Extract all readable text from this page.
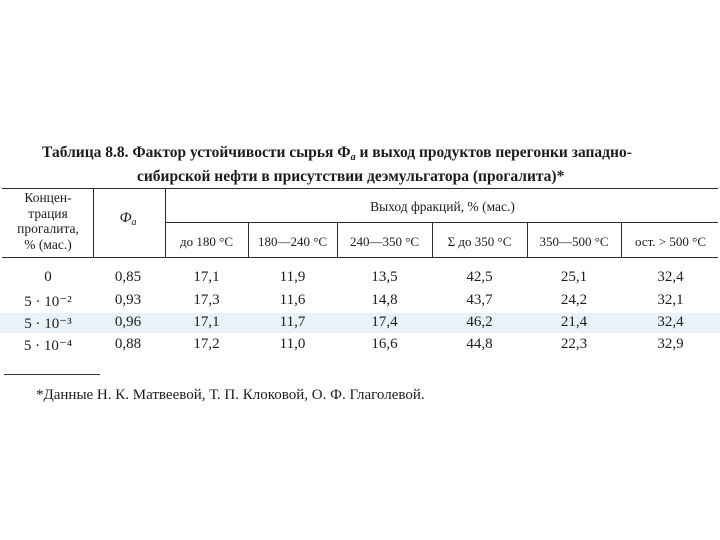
Таблица 8.8. Фактор устойчивости сырья $Ф_a$ и выход продуктов перегонки западно-
сибирской нефти в присутствии деэмульгатора (прогалита)*
Концен-
трация
прогалита,
% (мас.)
$Ф_а$
Выход фракций, % (мас.)
до 180 °С	180—240 °С	240—350 °С	Σ до 350 °С	350—500 °С	ост. > 500 °С
0	0,85	17,1	11,9	13,5	42,5	25,1	32,4
5 · 10⁻²	0,93	17,3	11,6	14,8	43,7	24,2	32,1
5 · 10⁻³	0,96	17,1	11,7	17,4	46,2	21,4	32,4
5 · 10⁻⁴	0,88	17,2	11,0	16,6	44,8	22,3	32,9
*Данные Н. К. Матвеевой, Т. П. Клоковой, О. Ф. Глаголевой.
